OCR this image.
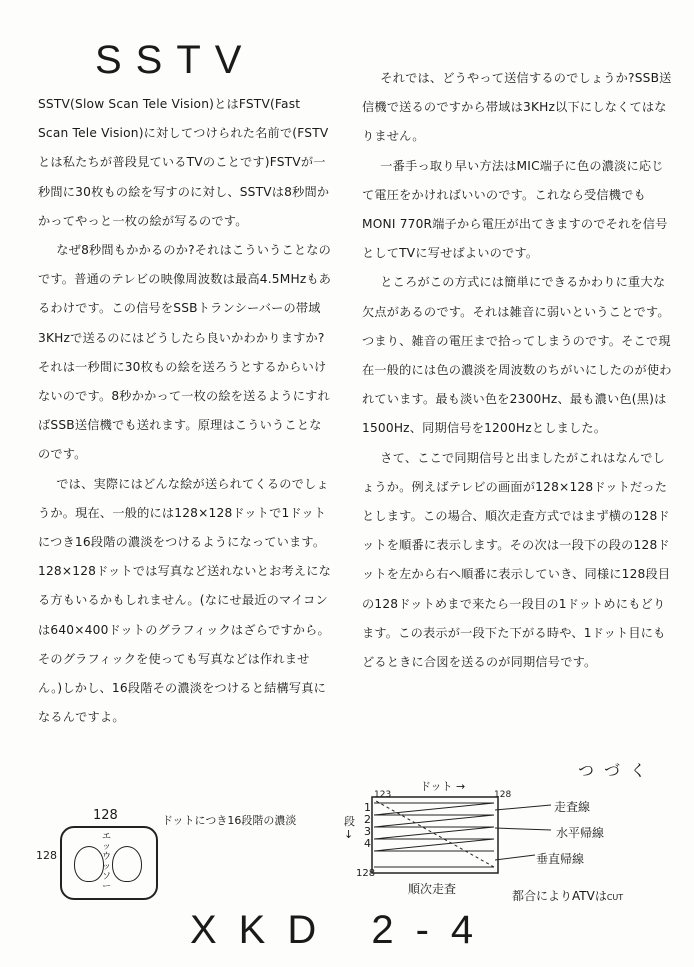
SSTV

SSTV(Slow Scan Tele Vision)とはFSTV(Fast Scan Tele Vision)に対してつけられた名前で(FSTVとは私たちが普段見ているTVのことです)FSTVが一秒間に30枚もの絵を写すのに対し、SSTVは8秒間かかってやっと一枚の絵が写るのです。

なぜ8秒間もかかるのか?それはこういうことなのです。普通のテレビの映像周波数は最高4.5MHzもあるわけです。この信号をSSBトランシーバーの帯域3KHzで送るのにはどうしたら良いかわかりますか?

それは一秒間に30枚もの絵を送ろうとするからいけないのです。8秒かかって一枚の絵を送るようにすればSSB送信機でも送れます。原理はこういうことなのです。

では、実際にはどんな絵が送られてくるのでしょうか。現在、一般的には128×128ドットで1ドットにつき16段階の濃淡をつけるようになっています。128×128ドットでは写真など送れないとお考えになる方もいるかもしれません。(なにせ最近のマイコンは640×400ドットのグラフィックはざらですから。そのグラフィックを使っても写真などは作れません。)しかし、16段階その濃淡をつけると結構写真になるんですよ。

それでは、どうやって送信するのでしょうか?SSB送信機で送るのですから帯域は3KHz以下にしなくてはなりません。

一番手っ取り早い方法はMIC端子に色の濃淡に応じて電圧をかければいいのです。これなら受信機でもMONI 770R端子から電圧が出てきますのでそれを信号としてTVに写せばよいのです。

ところがこの方式には簡単にできるかわりに重大な欠点があるのです。それは雑音に弱いということです。つまり、雑音の電圧まで拾ってしまうのです。そこで現在一般的には色の濃淡を周波数のちがいにしたのが使われています。最も淡い色を2300Hz、最も濃い色(黒)は1500Hz、同期信号を1200Hzとしました。

さて、ここで同期信号と出ましたがこれはなんでしょうか。例えばテレビの画面が128×128ドットだったとします。この場合、順次走査方式ではまず横の128ドットを順番に表示します。その次は一段下の段の128ドットを左から右へ順番に表示していき、同様に128段目の128ドットめまで来たら一段目の1ドットめにもどります。この表示が一段下た下がる時や、1ドット目にもどるときに合図を送るのが同期信号です。

つづく
128
128
ドットにつき16段階の濃淡
エッウッソー
ドット →
123	128
1
2
3
4
128
段↓
走査線
水平帰線
垂直帰線
順次走査	都合によりATVはCUT
XKD 2-4
